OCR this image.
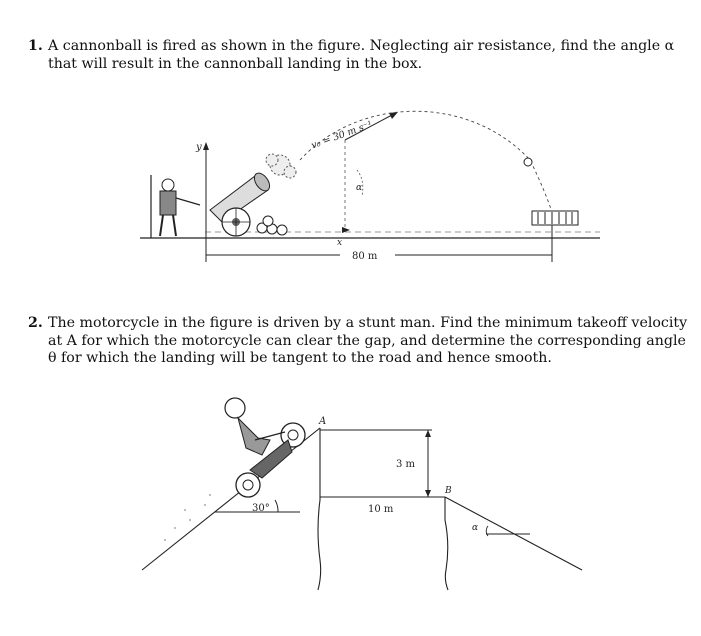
1. A cannonball is fired as shown in the figure. Neglecting air resistance, find the angle α that will result in the cannonball landing in the box.
y
x
80 m
v₀ = 30 m s⁻¹
α
2. The motorcycle in the figure is driven by a stunt man. Find the minimum takeoff velocity at A for which the motorcycle can clear the gap, and determine the corresponding angle θ for which the landing will be tangent to the road and hence smooth.
30°
A
3 m
10 m
B
α
